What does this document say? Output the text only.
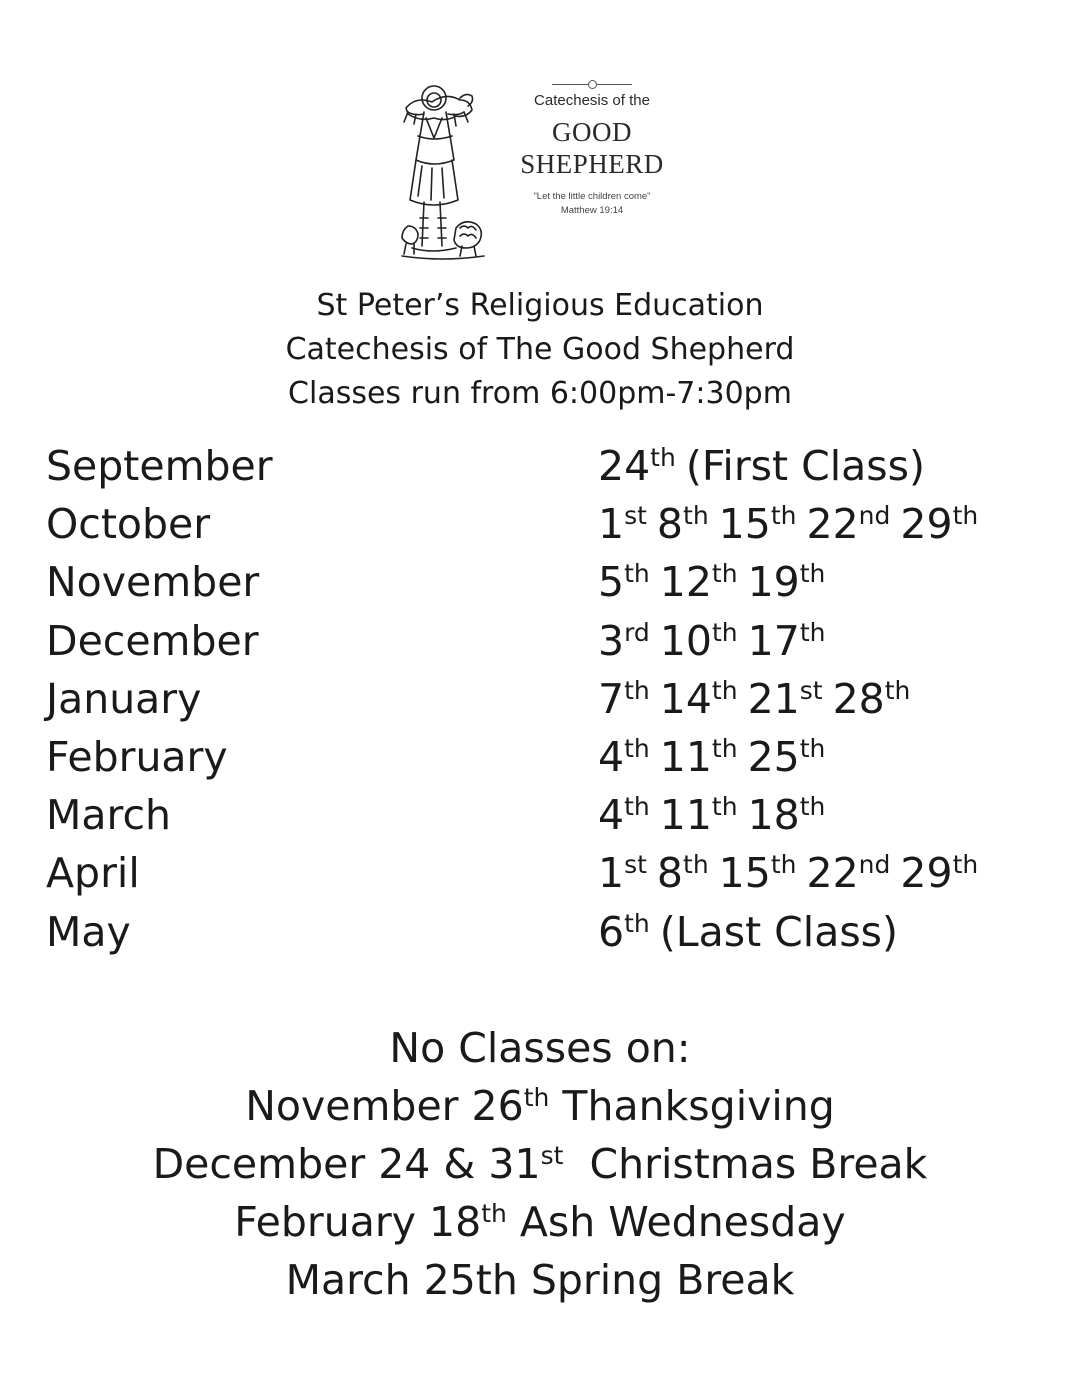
Catechesis of the
GOOD
SHEPHERD
"Let the little children come"
Matthew 19:14
St Peter’s Religious Education
Catechesis of The Good Shepherd
Classes run from 6:00pm-7:30pm
September	24th (First Class)
October	1st 8th 15th 22nd 29th
November	5th 12th 19th
December	3rd 10th 17th
January	7th 14th 21st 28th
February	4th 11th 25th
March	4th 11th 18th
April	1st 8th 15th 22nd 29th
May	6th (Last Class)
No Classes on:
November 26th Thanksgiving
December 24 & 31st  Christmas Break
February 18th Ash Wednesday
March 25th Spring Break
